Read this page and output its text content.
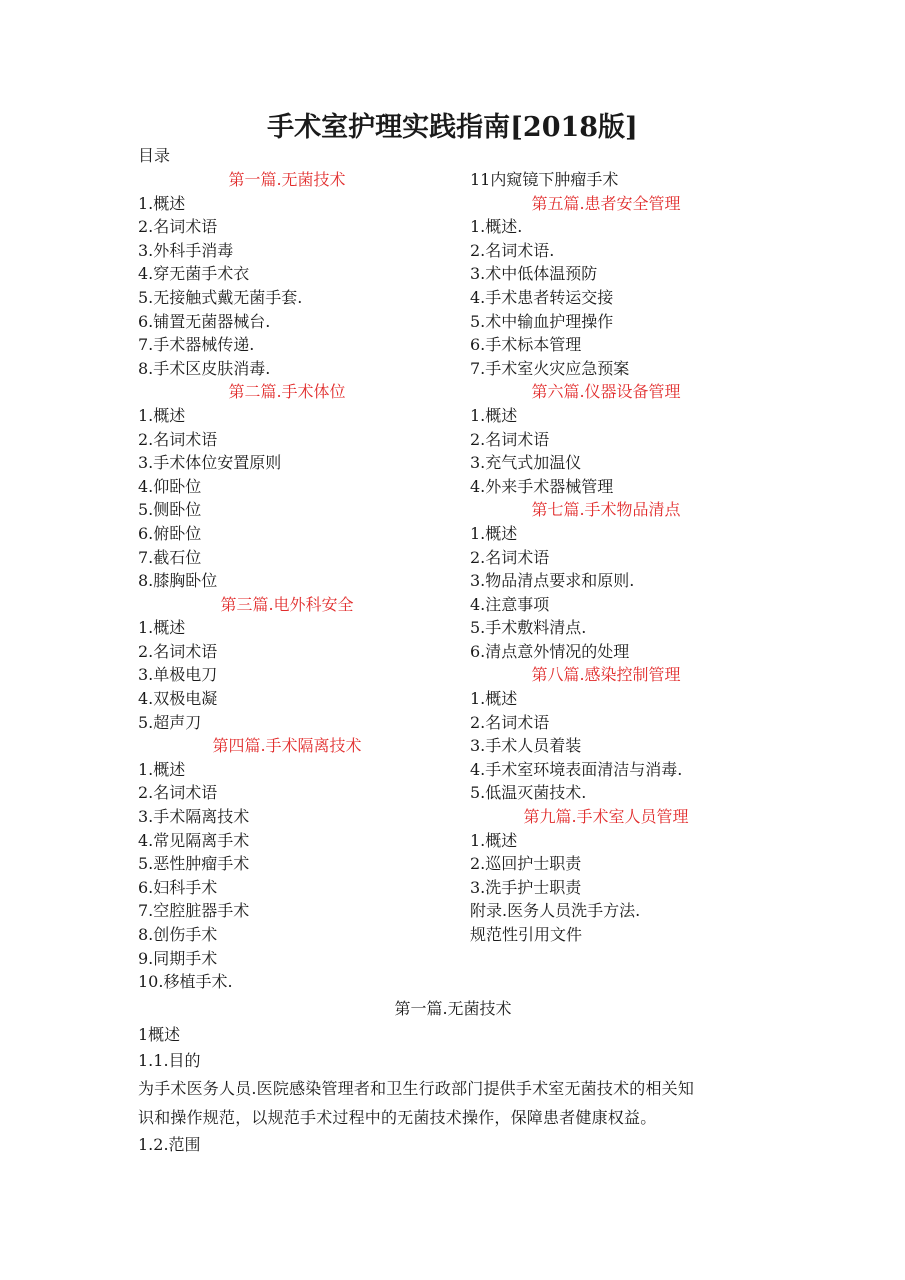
手术室护理实践指南[2018版]
目录
第一篇.无菌技术
1.概述
2.名词术语
3.外科手消毒
4.穿无菌手术衣
5.无接触式戴无菌手套.
6.铺置无菌器械台.
7.手术器械传递.
8.手术区皮肤消毒.
第二篇.手术体位
1.概述
2.名词术语
3.手术体位安置原则
4.仰卧位
5.侧卧位
6.俯卧位
7.截石位
8.膝胸卧位
第三篇.电外科安全
1.概述
2.名词术语
3.单极电刀
4.双极电凝
5.超声刀
第四篇.手术隔离技术
1.概述
2.名词术语
3.手术隔离技术
4.常见隔离手术
5.恶性肿瘤手术
6.妇科手术
7.空腔脏器手术
8.创伤手术
9.同期手术
10.移植手术.
11内窥镜下肿瘤手术
第五篇.患者安全管理
1.概述.
2.名词术语.
3.术中低体温预防
4.手术患者转运交接
5.术中输血护理操作
6.手术标本管理
7.手术室火灾应急预案
第六篇.仪器设备管理
1.概述
2.名词术语
3.充气式加温仪
4.外来手术器械管理
第七篇.手术物品清点
1.概述
2.名词术语
3.物品清点要求和原则.
4.注意事项
5.手术敷料清点.
6.清点意外情况的处理
第八篇.感染控制管理
1.概述
2.名词术语
3.手术人员着装
4.手术室环境表面清洁与消毒.
5.低温灭菌技术.
第九篇.手术室人员管理
1.概述
2.巡回护士职责
3.洗手护士职责
附录.医务人员洗手方法.
规范性引用文件
第一篇.无菌技术
1概述
1.1.目的
为手术医务人员.医院感染管理者和卫生行政部门提供手术室无菌技术的相关知
识和操作规范，以规范手术过程中的无菌技术操作，保障患者健康权益。
1.2.范围
